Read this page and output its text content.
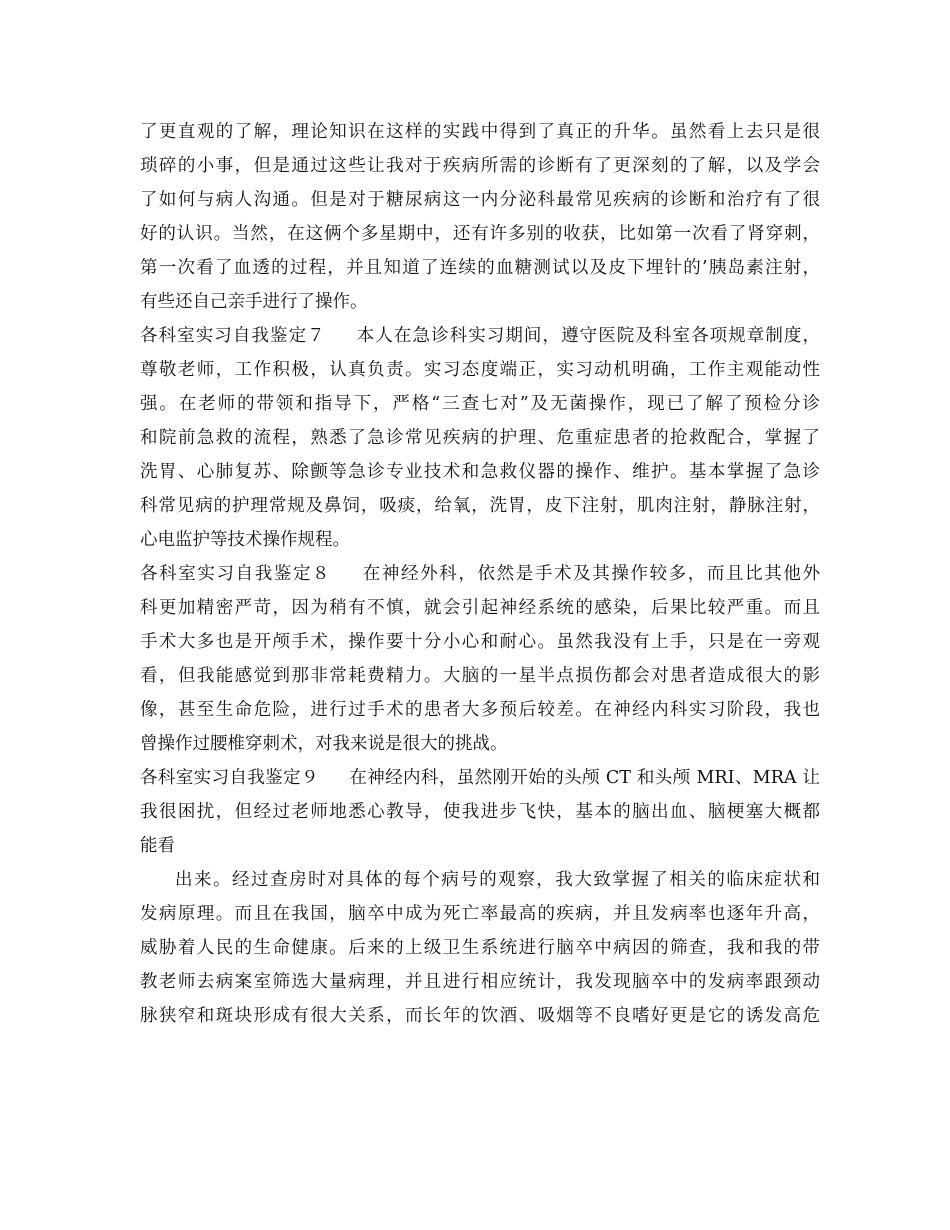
了更直观的了解，理论知识在这样的实践中得到了真正的升华。虽然看上去只是很
琐碎的小事，但是通过这些让我对于疾病所需的诊断有了更深刻的了解，以及学会
了如何与病人沟通。但是对于糖尿病这一内分泌科最常见疾病的诊断和治疗有了很
好的认识。当然，在这俩个多星期中，还有许多别的收获，比如第一次看了肾穿刺，
第一次看了血透的过程，并且知道了连续的血糖测试以及皮下埋针的’胰岛素注射，
有些还自己亲手进行了操作。
各科室实习自我鉴定７ 本人在急诊科实习期间，遵守医院及科室各项规章制度，
尊敬老师，工作积极，认真负责。实习态度端正，实习动机明确，工作主观能动性
强。在老师的带领和指导下，严格“三查七对”及无菌操作，现已了解了预检分诊
和院前急救的流程，熟悉了急诊常见疾病的护理、危重症患者的抢救配合，掌握了
洗胃、心肺复苏、除颤等急诊专业技术和急救仪器的操作、维护。基本掌握了急诊
科常见病的护理常规及鼻饲，吸痰，给氧，洗胃，皮下注射，肌肉注射，静脉注射，
心电监护等技术操作规程。
各科室实习自我鉴定８ 在神经外科，依然是手术及其操作较多，而且比其他外
科更加精密严苛，因为稍有不慎，就会引起神经系统的感染，后果比较严重。而且
手术大多也是开颅手术，操作要十分小心和耐心。虽然我没有上手，只是在一旁观
看，但我能感觉到那非常耗费精力。大脑的一星半点损伤都会对患者造成很大的影
像，甚至生命危险，进行过手术的患者大多预后较差。在神经内科实习阶段，我也
曾操作过腰椎穿刺术，对我来说是很大的挑战。
各科室实习自我鉴定９ 在神经内科，虽然刚开始的头颅 CT 和头颅 MRI、MRA 让
我很困扰，但经过老师地悉心教导，使我进步飞快，基本的脑出血、脑梗塞大概都
能看
出来。经过查房时对具体的每个病号的观察，我大致掌握了相关的临床症状和
发病原理。而且在我国，脑卒中成为死亡率最高的疾病，并且发病率也逐年升高，
威胁着人民的生命健康。后来的上级卫生系统进行脑卒中病因的筛查，我和我的带
教老师去病案室筛选大量病理，并且进行相应统计，我发现脑卒中的发病率跟颈动
脉狭窄和斑块形成有很大关系，而长年的饮酒、吸烟等不良嗜好更是它的诱发高危
